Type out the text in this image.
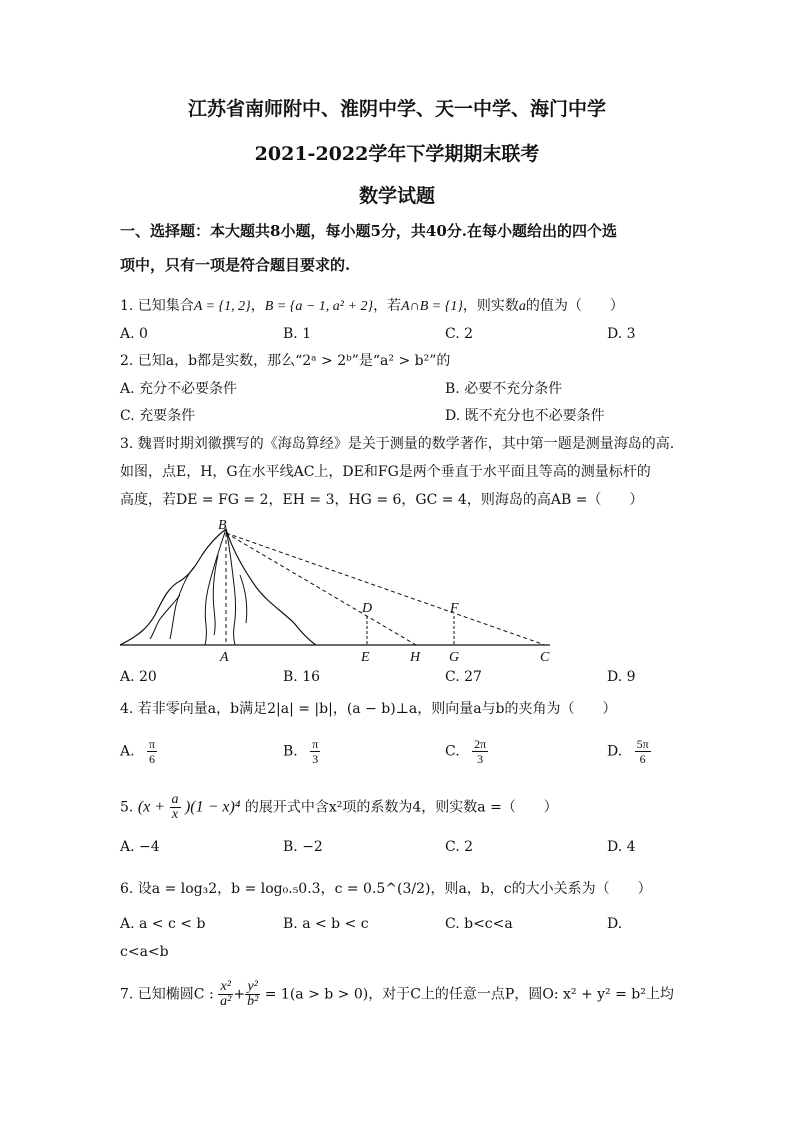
江苏省南师附中、淮阴中学、天一中学、海门中学
2021-2022学年下学期期末联考
数学试题
一、选择题：本大题共8小题，每小题5分，共40分.在每小题给出的四个选
项中，只有一项是符合题目要求的.
1. 已知集合A = {1, 2}，B = {a − 1, a² + 2}，若A∩B = {1}，则实数a的值为（　　）
A. 0	B. 1	C. 2	D. 3
2. 已知a，b都是实数，那么“2ᵃ > 2ᵇ”是“a² > b²”的
A. 充分不必要条件	B. 必要不充分条件
C. 充要条件	D. 既不充分也不必要条件
3. 魏晋时期刘徽撰写的《海岛算经》是关于测量的数学著作，其中第一题是测量海岛的高.
如图，点E，H，G在水平线AC上，DE和FG是两个垂直于水平面且等高的测量标杆的
高度，若DE = FG = 2，EH = 3，HG = 6，GC = 4，则海岛的高AB =（　　）
B
D	F
A	E	H G	C
A. 20	B. 16	C. 27	D. 9
4. 若非零向量a，b满足2|a| = |b|，(a − b)⊥a，则向量a与b的夹角为（　　）
A. $\frac{\pi}{6}$	B. $\frac{\pi}{3}$	C. $\frac{2\pi}{3}$	D. $\frac{5\pi}{6}$
5. $(x + \frac{a}{x} )(1 - x)^4$ 的展开式中含x²项的系数为4，则实数a =（　　）
A. −4	B. −2	C. 2	D. 4
6. 设a = log₃2，b = log₀.₅0.3，c = 0.5^(3/2)，则a，b，c的大小关系为（　　）
A. a < c < b	B. a < b < c	C. b<c<a	D.
c<a<b
7. 已知椭圆C : $\frac{\text{x²}}{\text{a²}} + \frac{\text{y²}}{\text{b²}} = 1(a > b > 0)$，对于C上的任意一点P，圆O: x² + y² = b²上均
